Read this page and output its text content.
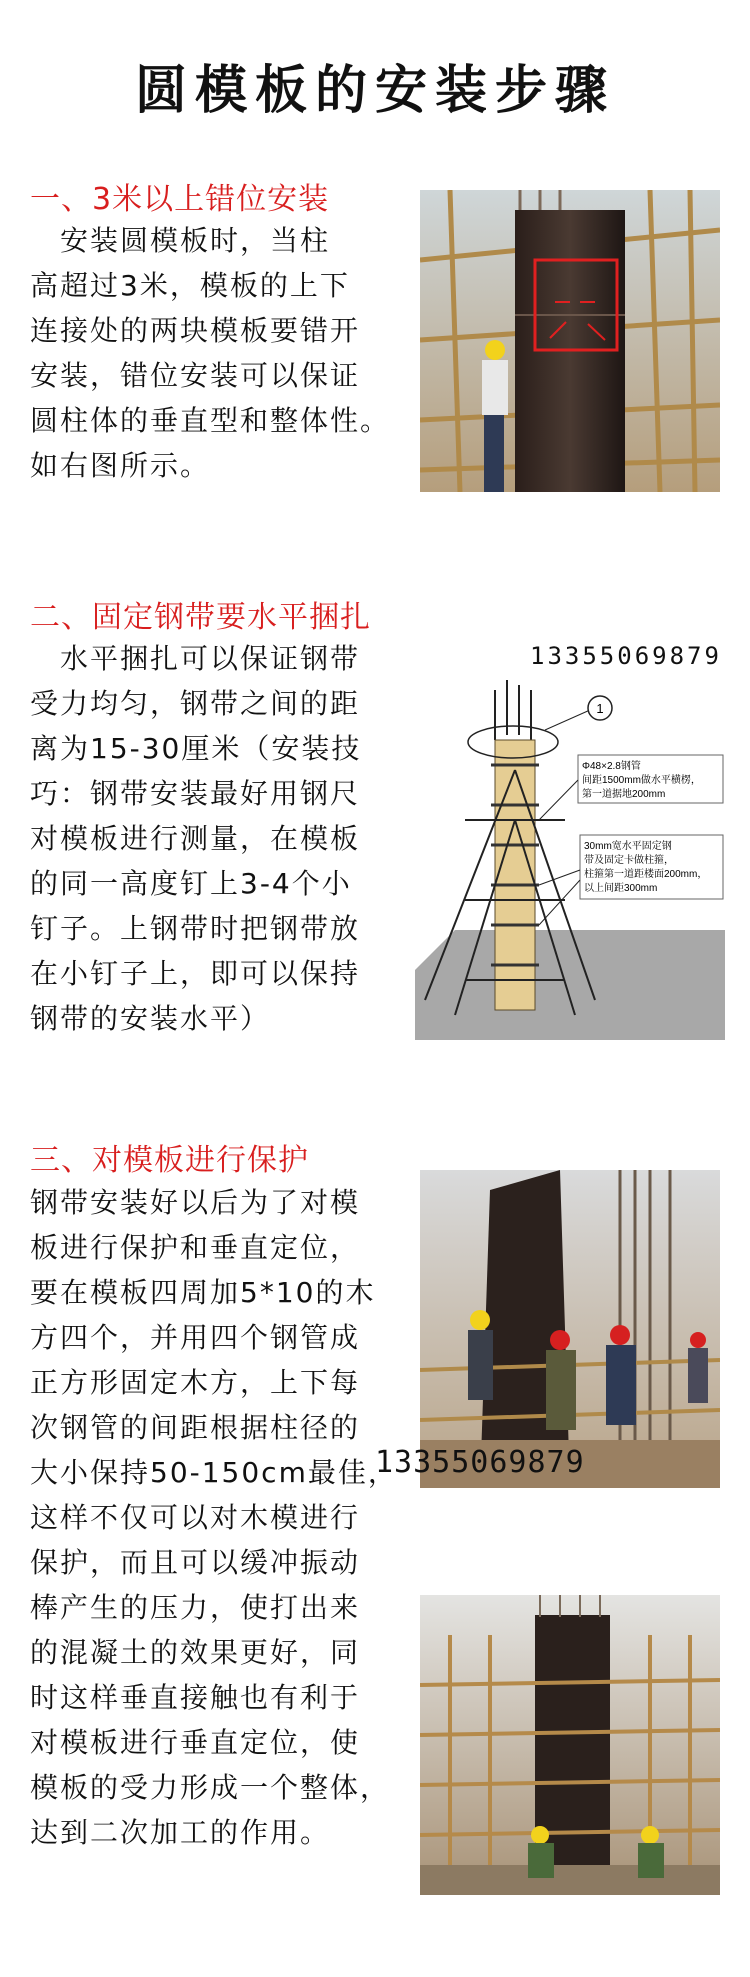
圆模板的安装步骤
一、3米以上错位安装
　安装圆模板时，当柱
高超过3米，模板的上下
连接处的两块模板要错开
安装，错位安装可以保证
圆柱体的垂直型和整体性。
如右图所示。
二、固定钢带要水平捆扎
　水平捆扎可以保证钢带
受力均匀，钢带之间的距
离为15-30厘米（安装技
巧：钢带安装最好用钢尺
对模板进行测量，在模板
的同一高度钉上3-4个小
钉子。上钢带时把钢带放
在小钉子上，即可以保持
钢带的安装水平）
13355069879
1
Φ48×2.8钢管
间距1500mm做水平横楞，
第一道据地200mm
30mm宽水平固定钢
带及固定卡做柱箍，
柱箍第一道距楼面200mm，
以上间距300mm
三、对模板进行保护
钢带安装好以后为了对模
板进行保护和垂直定位，
要在模板四周加5*10的木
方四个，并用四个钢管成
正方形固定木方，上下每
次钢管的间距根据柱径的
大小保持50-150cm最佳，
这样不仅可以对木模进行
保护，而且可以缓冲振动
棒产生的压力，使打出来
的混凝土的效果更好，同
时这样垂直接触也有利于
对模板进行垂直定位，使
模板的受力形成一个整体，
达到二次加工的作用。
13355069879
